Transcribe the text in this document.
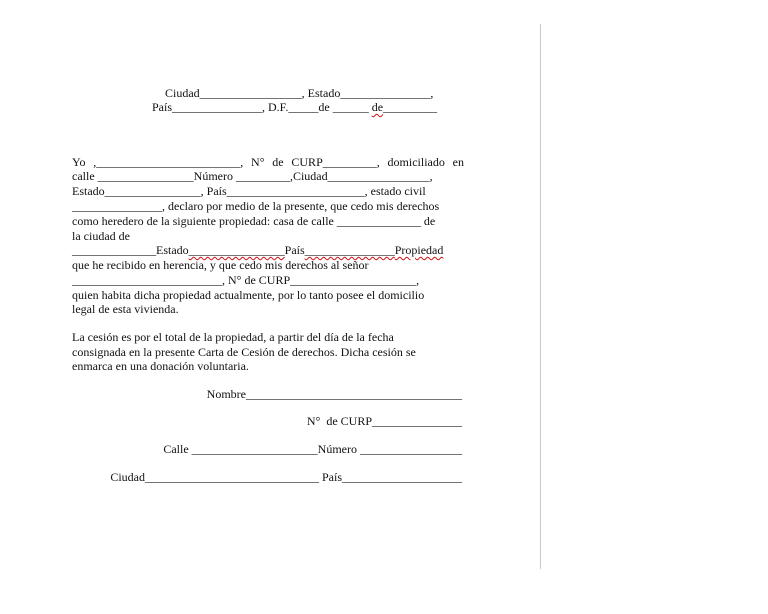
Ciudad_________________, Estado_______________,
País_______________, D.F._____de ______ de_________
Yo ,________________________, N° de CURP_________, domiciliado en
calle ________________Número _________,Ciudad_________________,
Estado________________, País_______________________, estado civil
_______________, declaro por medio de la presente, que cedo mis derechos
como heredero de la siguiente propiedad: casa de calle ______________ de
la ciudad de
______________Estado________________País_______________Propiedad
que he recibido en herencia, y que cedo mis derechos al señor
_________________________, N° de CURP_____________________,
quien habita dicha propiedad actualmente, por lo tanto posee el domicilio
legal de esta vivienda.
La cesión es por el total de la propiedad, a partir del día de la fecha
consignada en la presente Carta de Cesión de derechos. Dicha cesión se
enmarca en una donación voluntaria.
Nombre____________________________________
N°  de CURP_______________
Calle _____________________Número _________________
Ciudad_____________________________ País____________________
